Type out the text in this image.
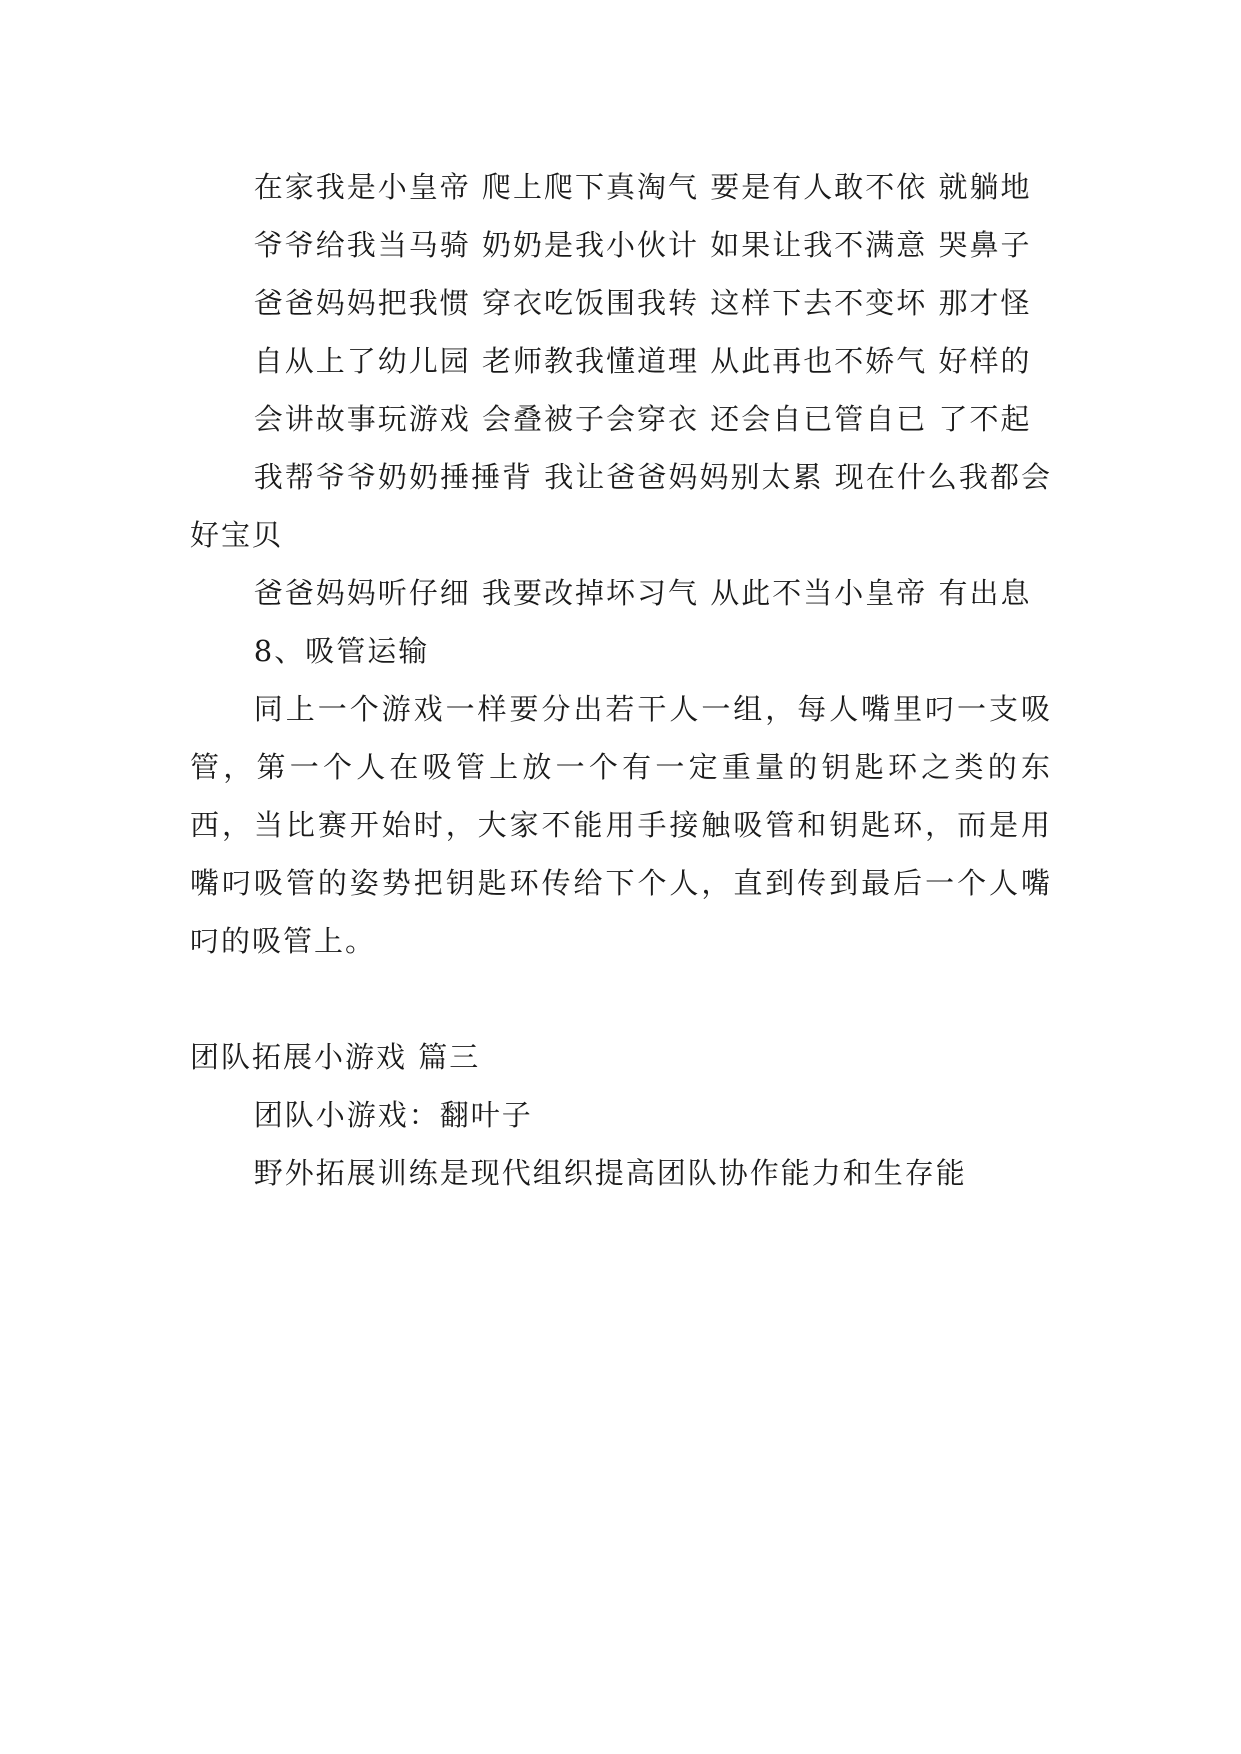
在家我是小皇帝 爬上爬下真淘气 要是有人敢不依 就躺地

爷爷给我当马骑 奶奶是我小伙计 如果让我不满意 哭鼻子

爸爸妈妈把我惯 穿衣吃饭围我转 这样下去不变坏 那才怪

自从上了幼儿园 老师教我懂道理 从此再也不娇气 好样的

会讲故事玩游戏 会叠被子会穿衣 还会自已管自已 了不起

我帮爷爷奶奶捶捶背 我让爸爸妈妈别太累 现在什么我都会 好宝贝

爸爸妈妈听仔细 我要改掉坏习气 从此不当小皇帝 有出息

8、吸管运输

同上一个游戏一样要分出若干人一组，每人嘴里叼一支吸管，第一个人在吸管上放一个有一定重量的钥匙环之类的东西，当比赛开始时，大家不能用手接触吸管和钥匙环，而是用嘴叼吸管的姿势把钥匙环传给下个人，直到传到最后一个人嘴叼的吸管上。

团队拓展小游戏 篇三

团队小游戏：翻叶子

野外拓展训练是现代组织提高团队协作能力和生存能
